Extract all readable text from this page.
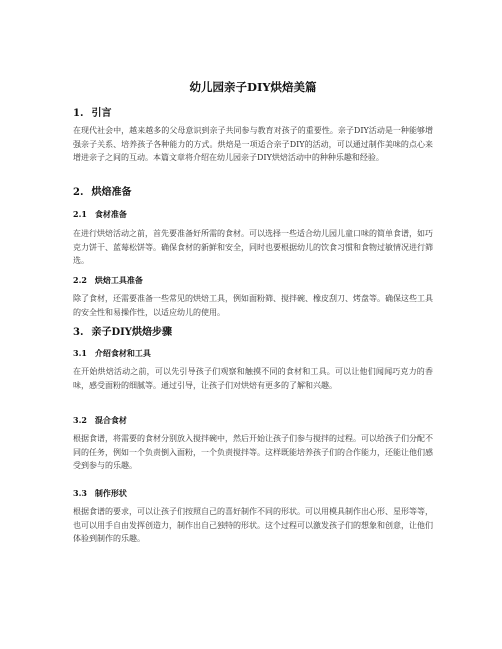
幼儿园亲子DIY烘焙美篇
1. 引言
在现代社会中，越来越多的父母意识到亲子共同参与教育对孩子的重要性。亲子DIY活动是一种能够增强亲子关系、培养孩子各种能力的方式。烘焙是一项适合亲子DIY的活动，可以通过制作美味的点心来增进亲子之间的互动。本篇文章将介绍在幼儿园亲子DIY烘焙活动中的种种乐趣和经验。
2. 烘焙准备
2.1 食材准备
在进行烘焙活动之前，首先要准备好所需的食材。可以选择一些适合幼儿园儿童口味的简单食谱，如巧克力饼干、蓝莓松饼等。确保食材的新鲜和安全，同时也要根据幼儿的饮食习惯和食物过敏情况进行筛选。
2.2 烘焙工具准备
除了食材，还需要准备一些常见的烘焙工具，例如面粉筛、搅拌碗、橡皮刮刀、烤盘等。确保这些工具的安全性和易操作性，以适应幼儿的使用。
3. 亲子DIY烘焙步骤
3.1 介绍食材和工具
在开始烘焙活动之前，可以先引导孩子们观察和触摸不同的食材和工具。可以让他们闻闻巧克力的香味，感受面粉的细腻等。通过引导，让孩子们对烘焙有更多的了解和兴趣。
3.2 混合食材
根据食谱，将需要的食材分别放入搅拌碗中，然后开始让孩子们参与搅拌的过程。可以给孩子们分配不同的任务，例如一个负责倒入面粉，一个负责搅拌等。这样既能培养孩子们的合作能力，还能让他们感受到参与的乐趣。
3.3 制作形状
根据食谱的要求，可以让孩子们按照自己的喜好制作不同的形状。可以用模具制作出心形、星形等等，也可以用手自由发挥创造力，制作出自己独特的形状。这个过程可以激发孩子们的想象和创意，让他们体验到制作的乐趣。
